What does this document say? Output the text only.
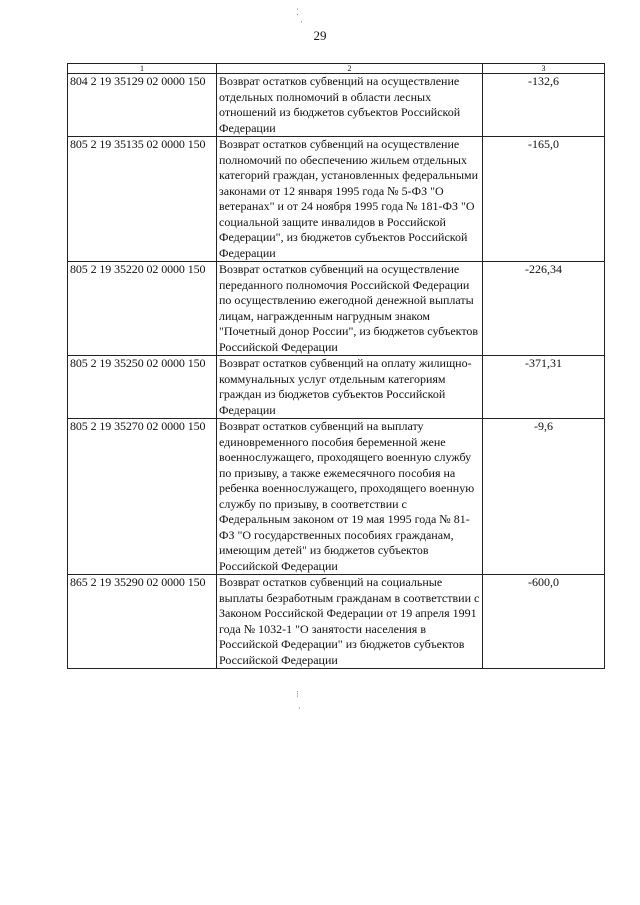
⁚
·
29
1	2	3
804 2 19 35129 02 0000 150	Возврат остатков субвенций на осуществление отдельных полномочий в области лесных отношений из бюджетов субъектов Российской Федерации	-132,6
805 2 19 35135 02 0000 150	Возврат остатков субвенций на осуществление полномочий по обеспечению жильем отдельных категорий граждан, установленных федеральными законами от 12 января 1995 года № 5-ФЗ "О ветеранах" и от 24 ноября 1995 года № 181-ФЗ "О социальной защите инвалидов в Российской Федерации", из бюджетов субъектов Российской Федерации	-165,0
805 2 19 35220 02 0000 150	Возврат остатков субвенций на осуществление переданного полномочия Российской Федерации по осуществлению ежегодной денежной выплаты лицам, награжденным нагрудным знаком "Почетный донор России", из бюджетов субъектов Российской Федерации	-226,34
805 2 19 35250 02 0000 150	Возврат остатков субвенций на оплату жилищно-коммунальных услуг отдельным категориям граждан из бюджетов субъектов Российской Федерации	-371,31
805 2 19 35270 02 0000 150	Возврат остатков субвенций на выплату единовременного пособия беременной жене военнослужащего, проходящего военную службу по призыву, а также ежемесячного пособия на ребенка военнослужащего, проходящего военную службу по призыву, в соответствии с Федеральным законом от 19 мая 1995 года № 81-ФЗ "О государственных пособиях гражданам, имеющим детей" из бюджетов субъектов Российской Федерации	-9,6
865 2 19 35290 02 0000 150	Возврат остатков субвенций на социальные выплаты безработным гражданам в соответствии с Законом Российской Федерации от 19 апреля 1991 года № 1032-1 "О занятости населения в Российской Федерации" из бюджетов субъектов Российской Федерации	-600,0
⁝
·
